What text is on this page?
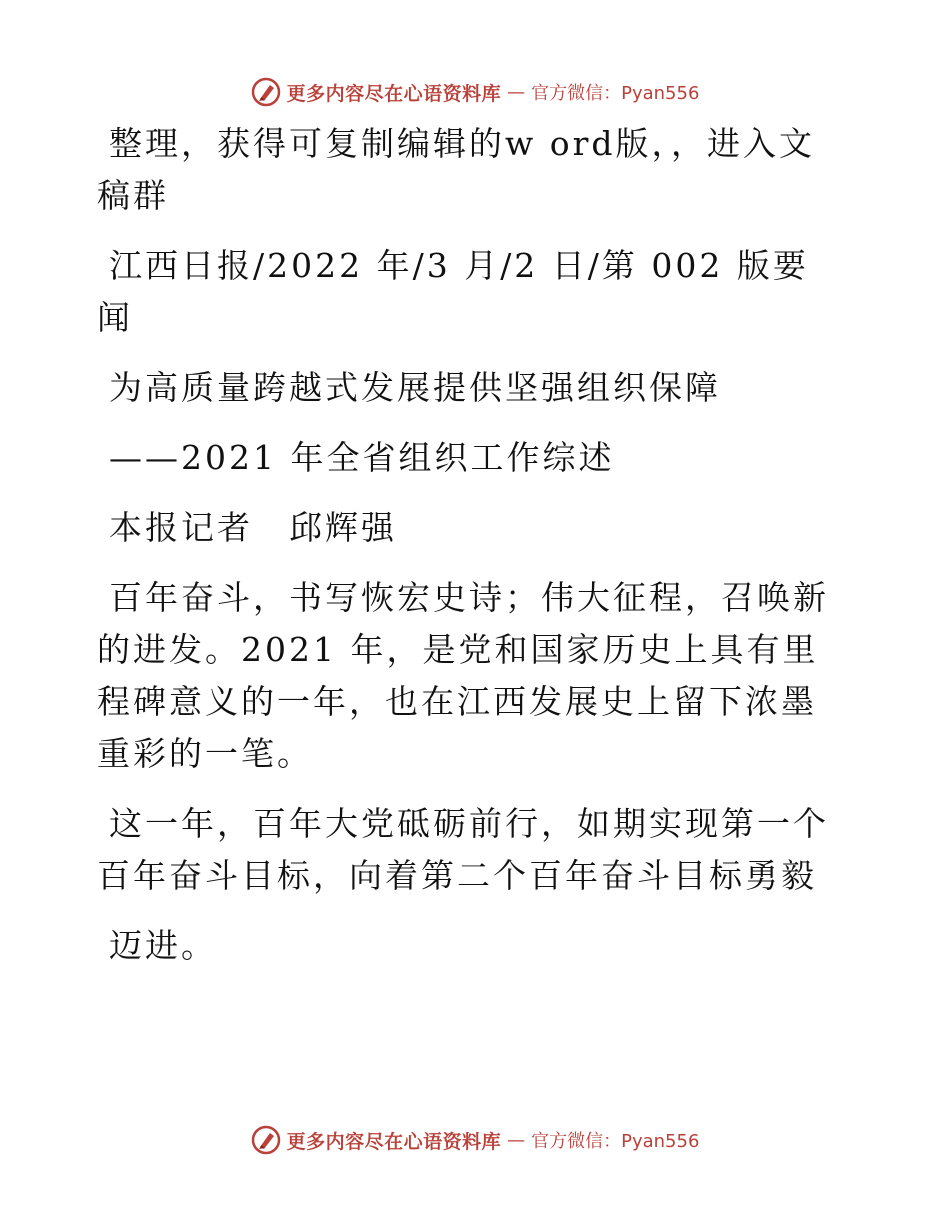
更多内容尽在心语资料库 — 官方微信：Pyan556

整理，获得可复制编辑的w ord版，，进入文稿群

江西日报/2022 年/3 月/2 日/第 002 版要闻

为高质量跨越式发展提供坚强组织保障

——2021 年全省组织工作综述

本报记者　邱辉强

百年奋斗，书写恢宏史诗；伟大征程，召唤新的进发。2021 年，是党和国家历史上具有里程碑意义的一年，也在江西发展史上留下浓墨重彩的一笔。

这一年，百年大党砥砺前行，如期实现第一个百年奋斗目标，向着第二个百年奋斗目标勇毅

迈进。

更多内容尽在心语资料库 — 官方微信：Pyan556
